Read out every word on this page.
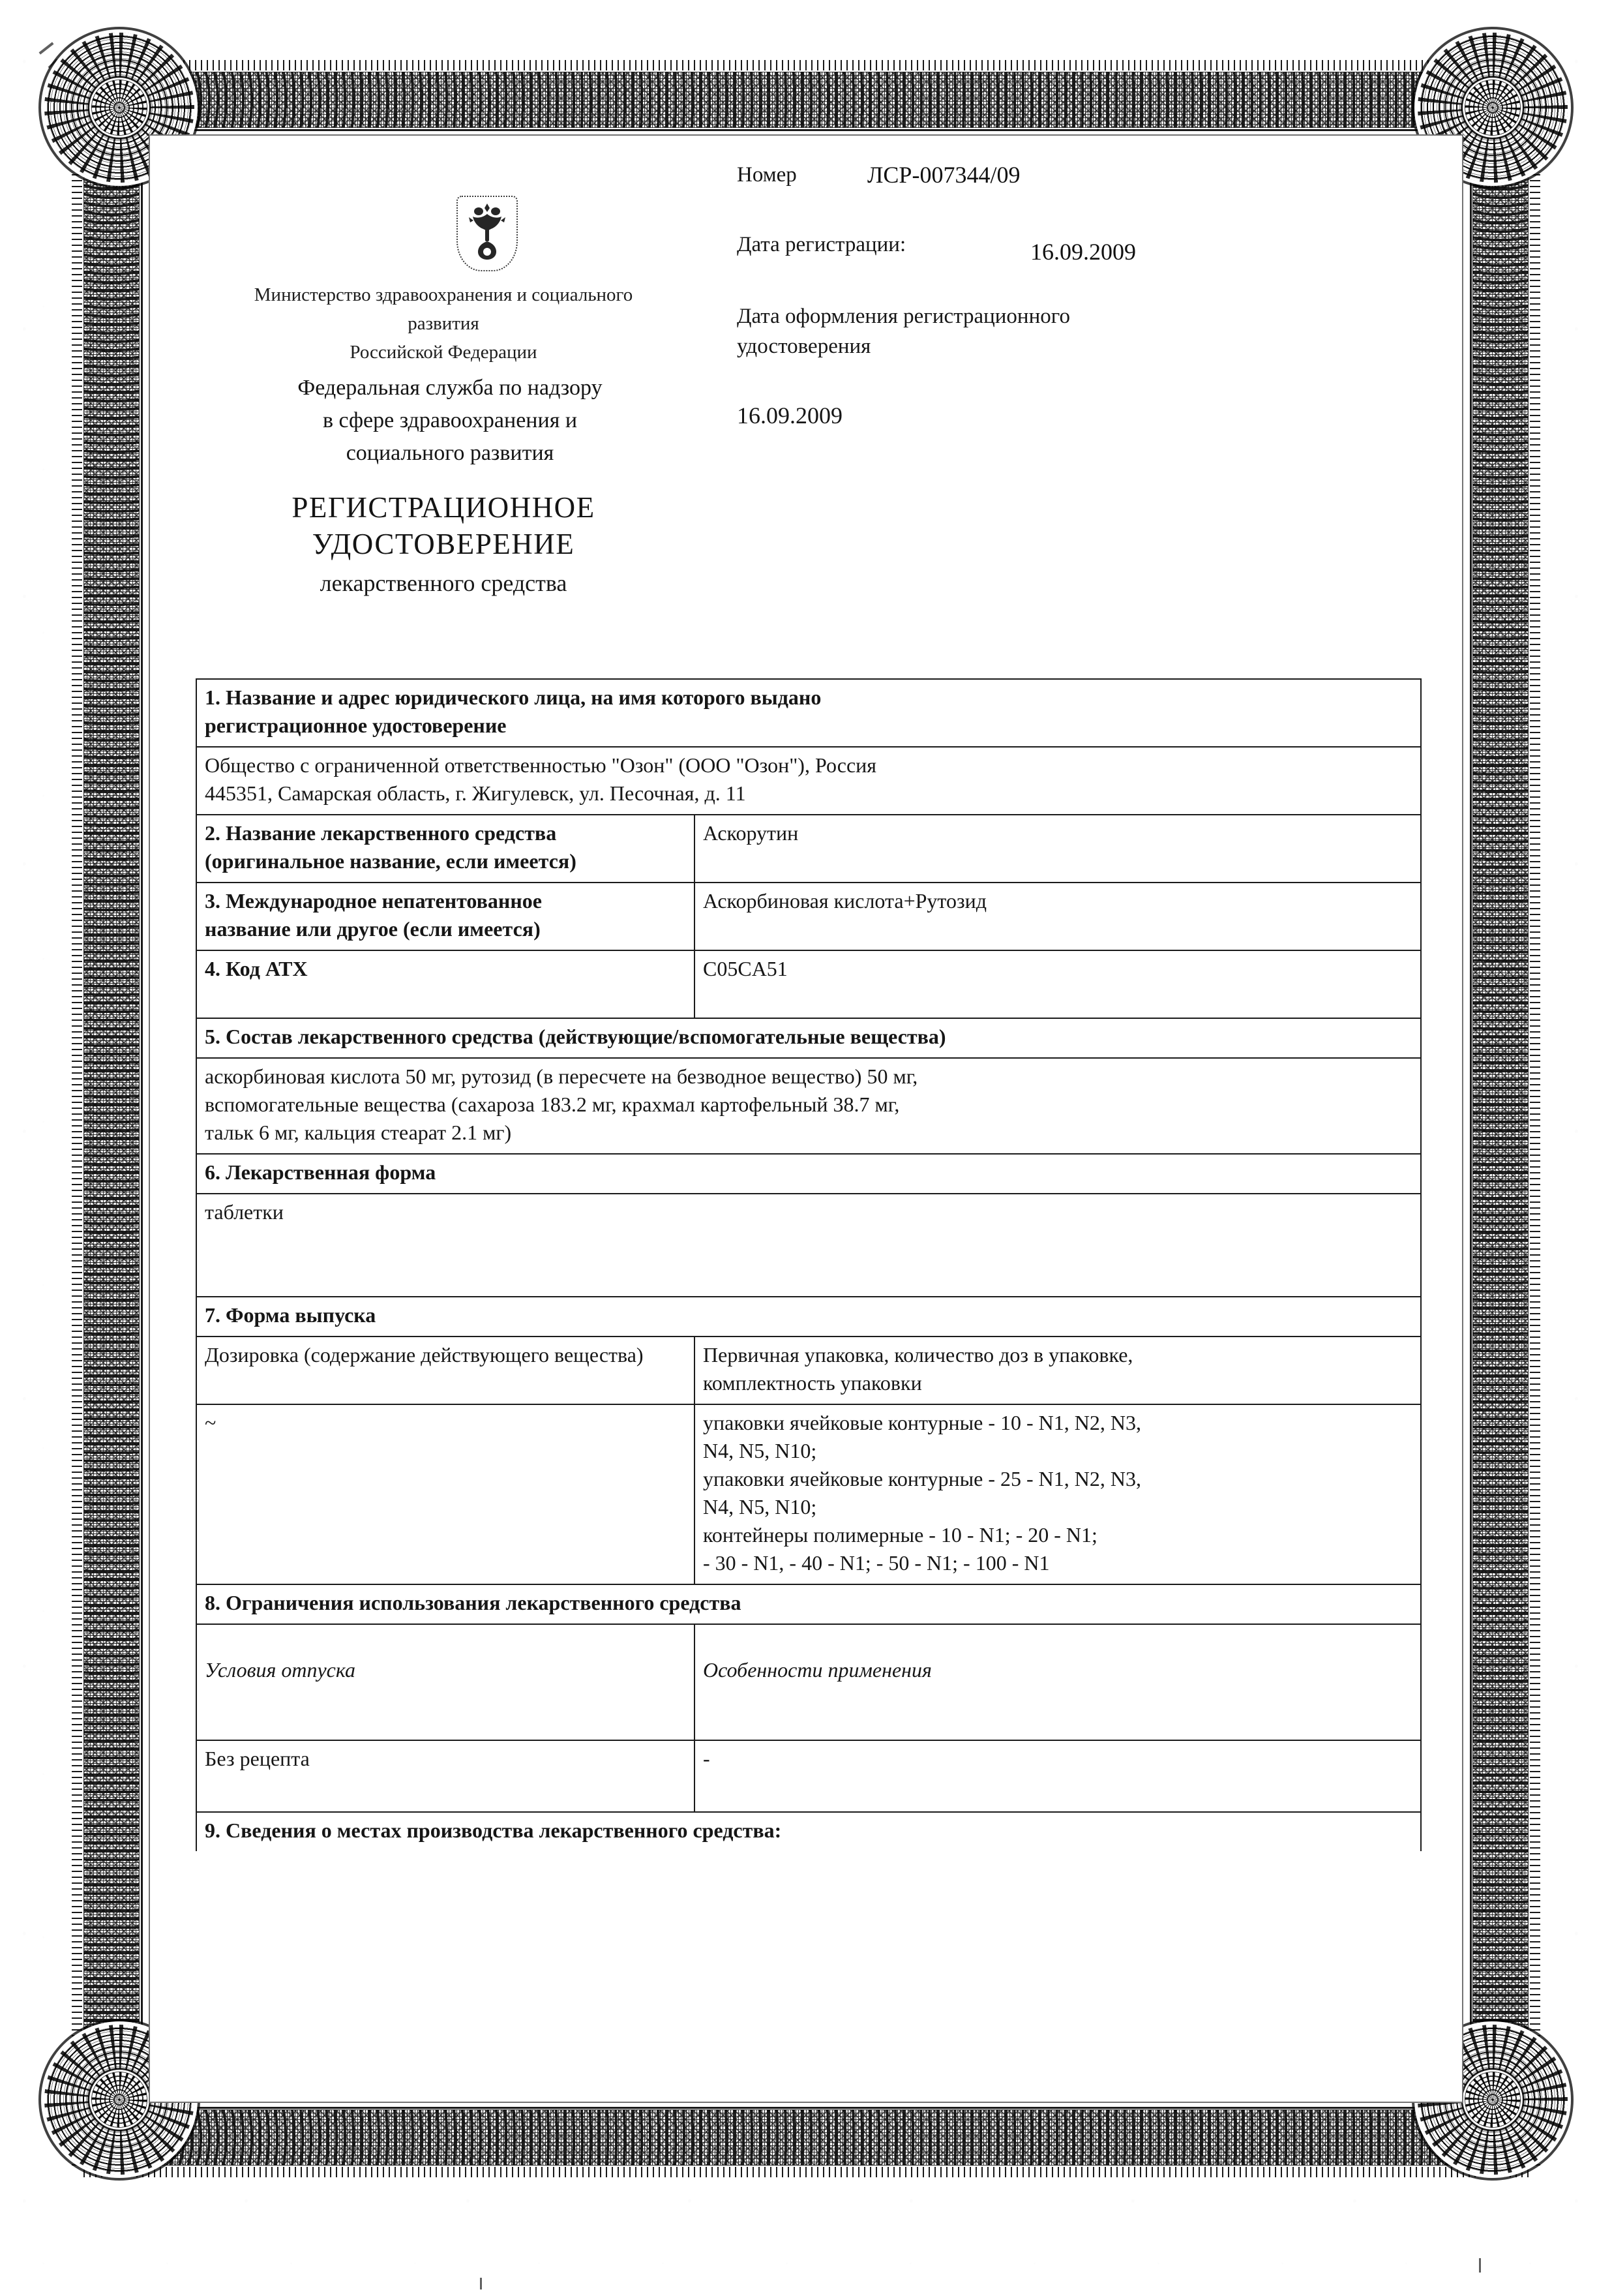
Министерство здравоохранения и социального
развития
Российской Федерации
Федеральная служба по надзору
в сфере здравоохранения и
социального развития
РЕГИСТРАЦИОННОЕ
УДОСТОВЕРЕНИЕ
лекарственного средства
Номер	ЛСР-007344/09
Дата регистрации:	16.09.2009
Дата оформления регистрационного
удостоверения
16.09.2009
1. Название и адрес юридического лица, на имя которого выдано
регистрационное удостоверение	

Общество с ограниченной ответственностью "Озон" (ООО "Озон"), Россия
445351, Самарская область, г. Жигулевск, ул. Песочная, д. 11	

2. Название лекарственного средства
(оригинальное название, если имеется)	Аскорутин

3. Международное непатентованное
название или другое (если имеется)	Аскорбиновая кислота+Рутозид
4. Код АТХ	C05CA51
5. Состав лекарственного средства (действующие/вспомогательные вещества)	

аскорбиновая кислота 50 мг, рутозид (в пересчете на безводное вещество) 50 мг,
вспомогательные вещества (сахароза 183.2 мг, крахмал картофельный 38.7 мг,
тальк 6 мг, кальция стеарат 2.1 мг)	

6. Лекарственная форма	
таблетки	
7. Форма выпуска	
Дозировка (содержание действующего вещества)	Первичная упаковка, количество доз в упаковке,
комплектность упаковки

~	упаковки ячейковые контурные - 10 - N1, N2, N3,
N4, N5, N10;
упаковки ячейковые контурные - 25 - N1, N2, N3,
N4, N5, N10;
контейнеры полимерные - 10 - N1; - 20 - N1;
- 30 - N1, - 40 - N1; - 50 - N1; - 100 - N1

8. Ограничения использования лекарственного средства	
Условия отпуска	Особенности применения
Без рецепта	-
9. Сведения о местах производства лекарственного средства:	
